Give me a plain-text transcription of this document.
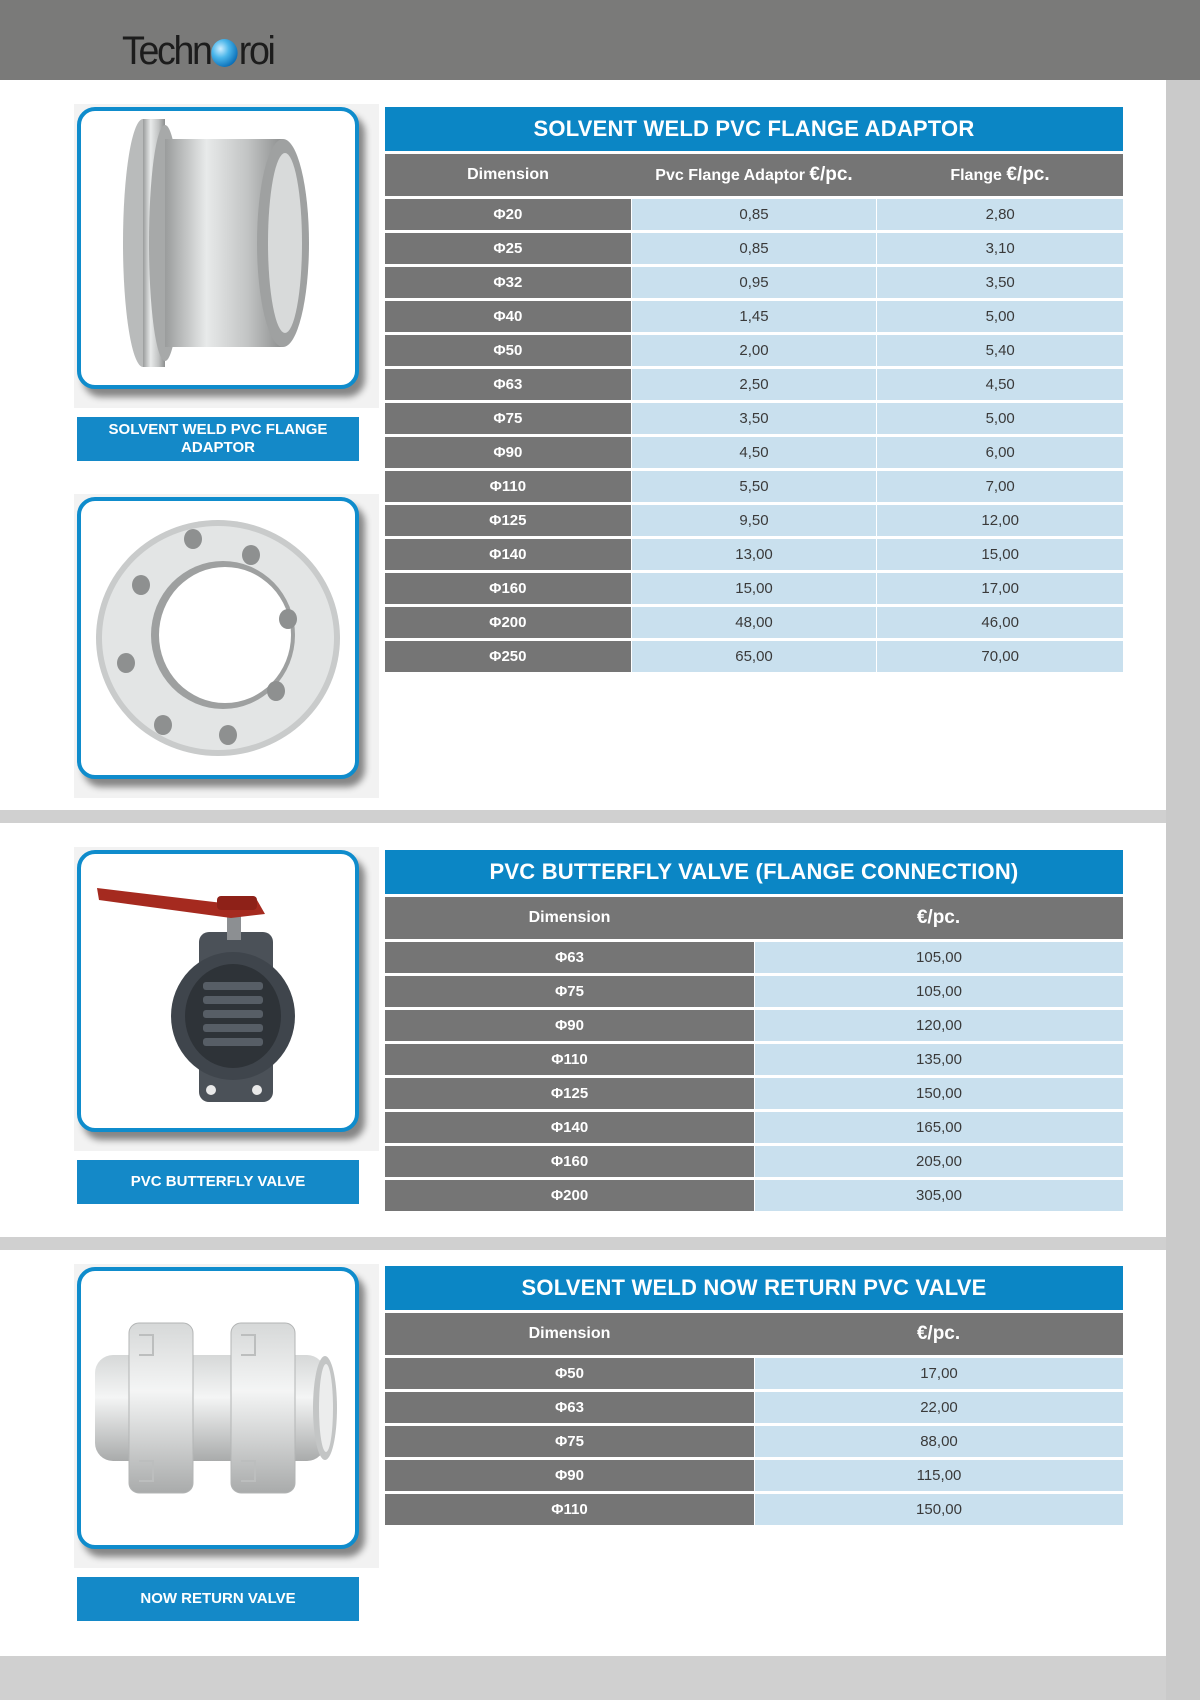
Techn roi
SOLVENT WELD PVC FLANGE ADAPTOR
SOLVENT WELD PVC FLANGE ADAPTOR
Dimension	Pvc Flange Adaptor €/pc.	Flange €/pc.
Φ20	0,85	2,80
Φ25	0,85	3,10
Φ32	0,95	3,50
Φ40	1,45	5,00
Φ50	2,00	5,40
Φ63	2,50	4,50
Φ75	3,50	5,00
Φ90	4,50	6,00
Φ110	5,50	7,00
Φ125	9,50	12,00
Φ140	13,00	15,00
Φ160	15,00	17,00
Φ200	48,00	46,00
Φ250	65,00	70,00
PVC BUTTERFLY VALVE
PVC BUTTERFLY VALVE (FLANGE CONNECTION)
Dimension	€/pc.
Φ63	105,00
Φ75	105,00
Φ90	120,00
Φ110	135,00
Φ125	150,00
Φ140	165,00
Φ160	205,00
Φ200	305,00
NOW RETURN VALVE
SOLVENT WELD NOW RETURN PVC VALVE
Dimension	€/pc.
Φ50	17,00
Φ63	22,00
Φ75	88,00
Φ90	115,00
Φ110	150,00
